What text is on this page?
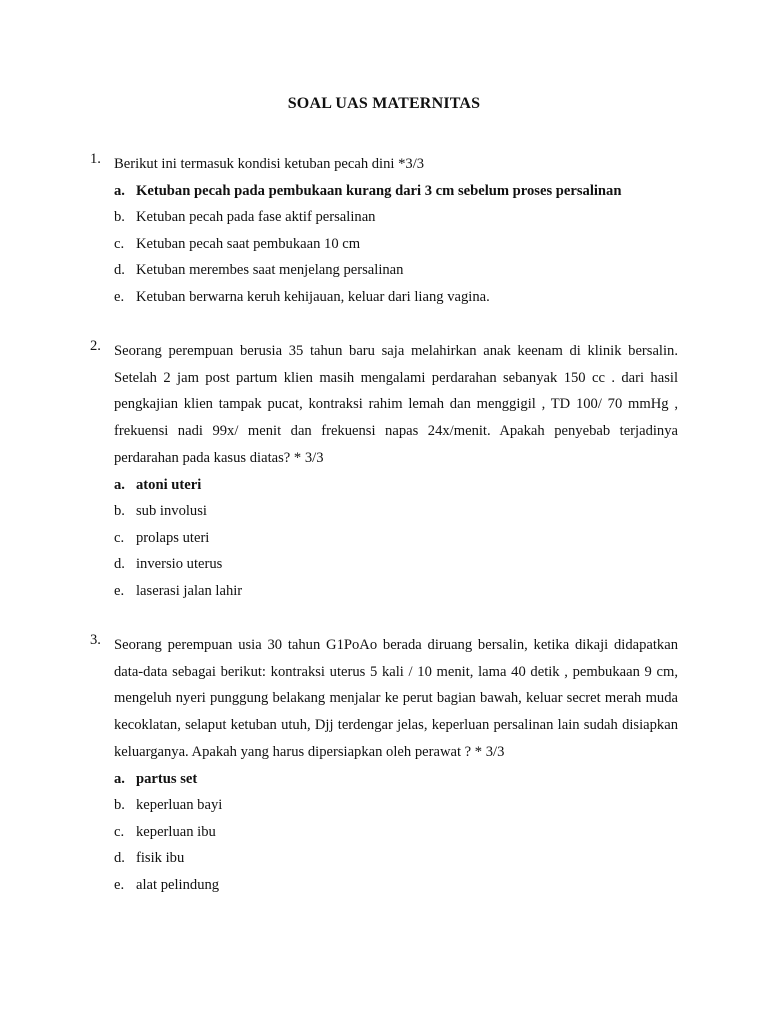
SOAL UAS MATERNITAS
1. Berikut ini termasuk kondisi ketuban pecah dini *3/3
a. Ketuban pecah pada pembukaan kurang dari 3 cm sebelum proses persalinan
b. Ketuban pecah pada fase aktif persalinan
c. Ketuban pecah saat pembukaan 10 cm
d. Ketuban merembes saat menjelang persalinan
e. Ketuban berwarna keruh kehijauan, keluar dari liang vagina.
2. Seorang perempuan berusia 35 tahun baru saja melahirkan anak keenam di klinik bersalin. Setelah 2 jam post partum klien masih mengalami perdarahan sebanyak 150 cc . dari hasil pengkajian klien tampak pucat, kontraksi rahim lemah dan menggigil , TD 100/ 70 mmHg , frekuensi nadi 99x/ menit dan frekuensi napas 24x/menit. Apakah penyebab terjadinya perdarahan pada kasus diatas? * 3/3
a. atoni uteri
b. sub involusi
c. prolaps uteri
d. inversio uterus
e. laserasi jalan lahir
3. Seorang perempuan usia 30 tahun G1PoAo berada diruang bersalin, ketika dikaji didapatkan data-data sebagai berikut: kontraksi uterus 5 kali / 10 menit, lama 40 detik , pembukaan 9 cm, mengeluh nyeri punggung belakang menjalar ke perut bagian bawah, keluar secret merah muda kecoklatan, selaput ketuban utuh, Djj terdengar jelas, keperluan persalinan lain sudah disiapkan keluarganya. Apakah yang harus dipersiapkan oleh perawat ? * 3/3
a. partus set
b. keperluan bayi
c. keperluan ibu
d. fisik ibu
e. alat pelindung
